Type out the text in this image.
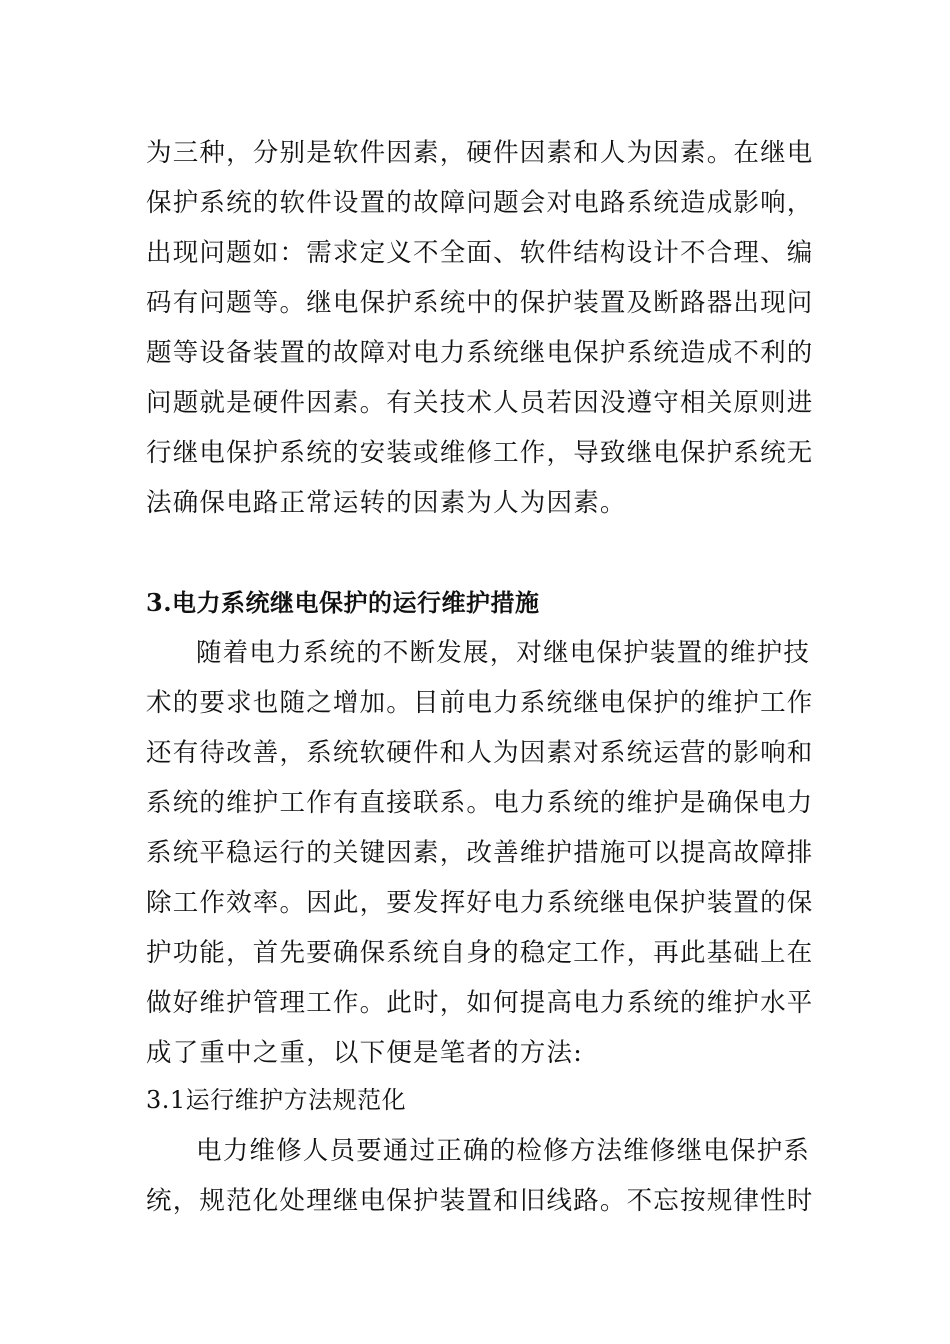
为三种，分别是软件因素，硬件因素和人为因素。在继电
保护系统的软件设置的故障问题会对电路系统造成影响，
出现问题如：需求定义不全面、软件结构设计不合理、编
码有问题等。继电保护系统中的保护装置及断路器出现问
题等设备装置的故障对电力系统继电保护系统造成不利的
问题就是硬件因素。有关技术人员若因没遵守相关原则进
行继电保护系统的安装或维修工作，导致继电保护系统无
法确保电路正常运转的因素为人为因素。
3.电力系统继电保护的运行维护措施
随着电力系统的不断发展，对继电保护装置的维护技
术的要求也随之增加。目前电力系统继电保护的维护工作
还有待改善，系统软硬件和人为因素对系统运营的影响和
系统的维护工作有直接联系。电力系统的维护是确保电力
系统平稳运行的关键因素，改善维护措施可以提高故障排
除工作效率。因此，要发挥好电力系统继电保护装置的保
护功能，首先要确保系统自身的稳定工作，再此基础上在
做好维护管理工作。此时，如何提高电力系统的维护水平
成了重中之重，以下便是笔者的方法:
3.1运行维护方法规范化
电力维修人员要通过正确的检修方法维修继电保护系
统，规范化处理继电保护装置和旧线路。不忘按规律性时
